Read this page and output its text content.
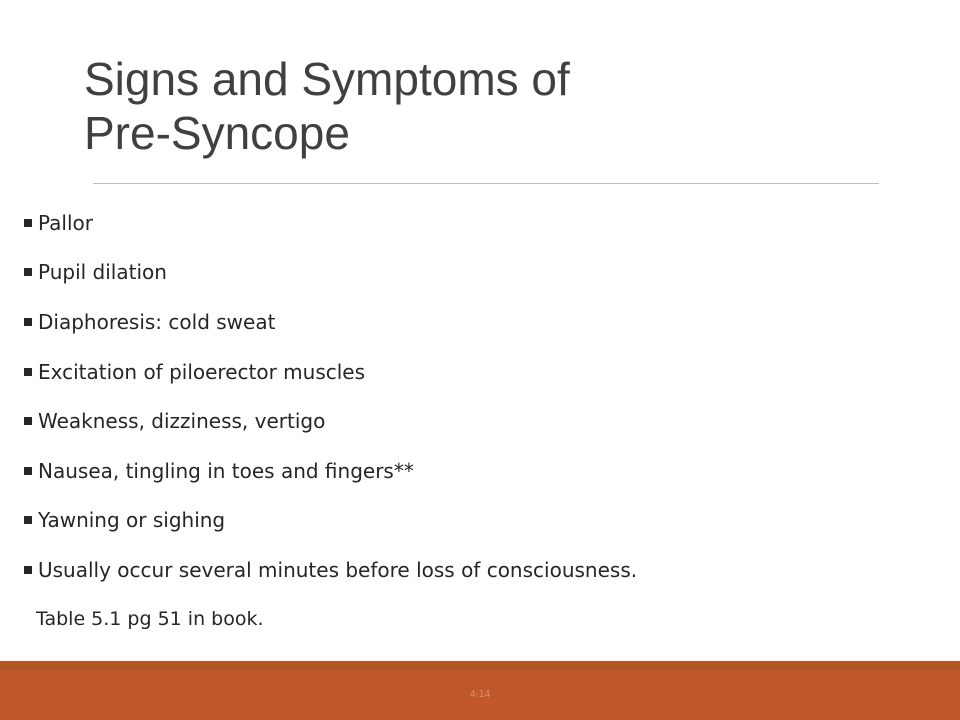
Signs and Symptoms of
Pre-Syncope
Pallor
Pupil dilation
Diaphoresis: cold sweat
Excitation of piloerector muscles
Weakness, dizziness, vertigo
Nausea, tingling in toes and fingers**
Yawning or sighing
Usually occur several minutes before loss of consciousness.

Table 5.1 pg 51 in book.

4-14
